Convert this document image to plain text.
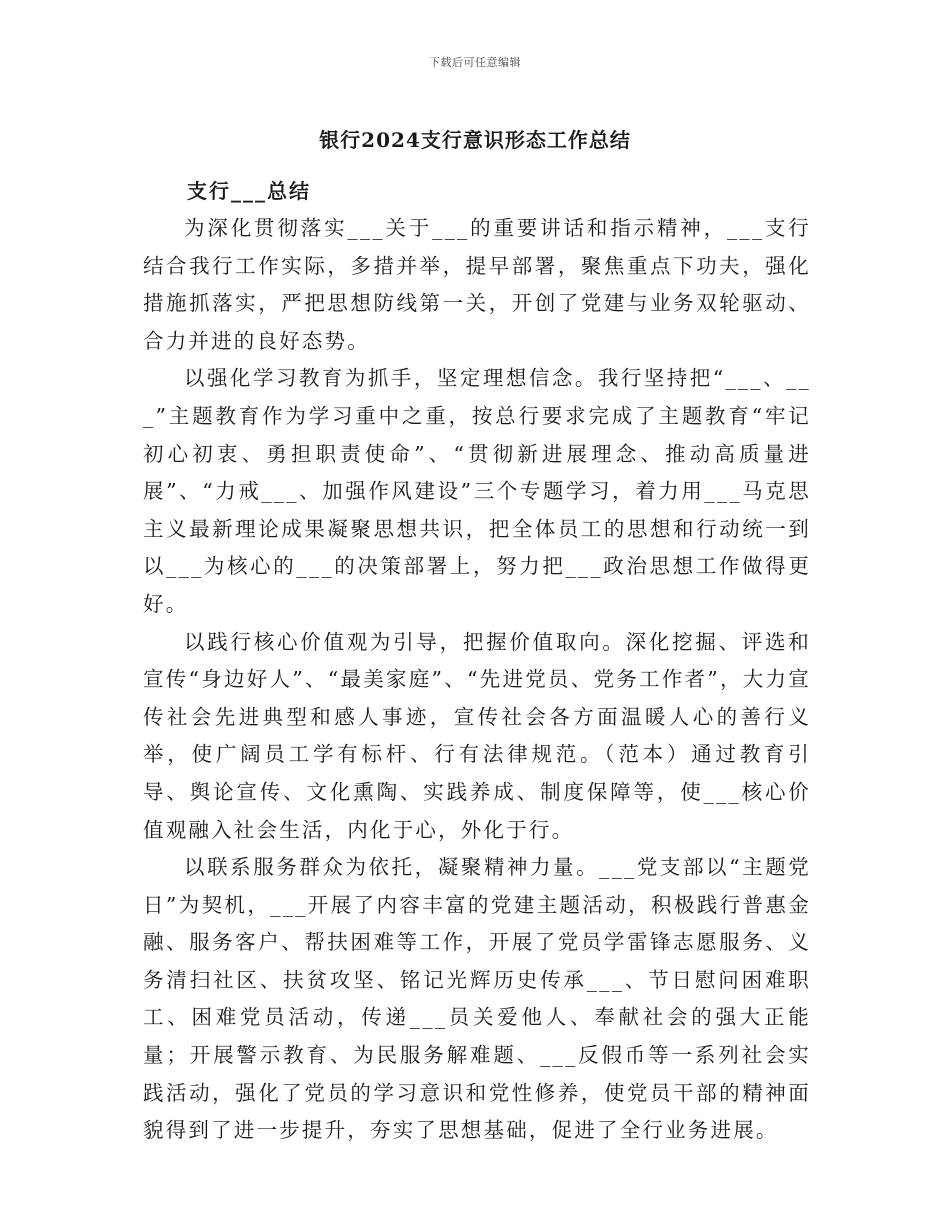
下载后可任意编辑
银行2024支行意识形态工作总结
支行___总结

为深化贯彻落实___关于___的重要讲话和指示精神，___支行结合我行工作实际，多措并举，提早部署，聚焦重点下功夫，强化措施抓落实，严把思想防线第一关，开创了党建与业务双轮驱动、合力并进的良好态势。

以强化学习教育为抓手，坚定理想信念。我行坚持把“___、___”主题教育作为学习重中之重，按总行要求完成了主题教育“牢记初心初衷、勇担职责使命”、“贯彻新进展理念、推动高质量进展”、“力戒___、加强作风建设”三个专题学习，着力用___马克思主义最新理论成果凝聚思想共识，把全体员工的思想和行动统一到以___为核心的___的决策部署上，努力把___政治思想工作做得更好。

以践行核心价值观为引导，把握价值取向。深化挖掘、评选和宣传“身边好人”、“最美家庭”、“先进党员、党务工作者”，大力宣传社会先进典型和感人事迹，宣传社会各方面温暖人心的善行义举，使广阔员工学有标杆、行有法律规范。（范本）通过教育引导、舆论宣传、文化熏陶、实践养成、制度保障等，使___核心价值观融入社会生活，内化于心，外化于行。

以联系服务群众为依托，凝聚精神力量。___党支部以“主题党日”为契机，___开展了内容丰富的党建主题活动，积极践行普惠金融、服务客户、帮扶困难等工作，开展了党员学雷锋志愿服务、义务清扫社区、扶贫攻坚、铭记光辉历史传承___、节日慰问困难职工、困难党员活动，传递___员关爱他人、奉献社会的强大正能量；开展警示教育、为民服务解难题、___反假币等一系列社会实践活动，强化了党员的学习意识和党性修养，使党员干部的精神面貌得到了进一步提升，夯实了思想基础，促进了全行业务进展。
